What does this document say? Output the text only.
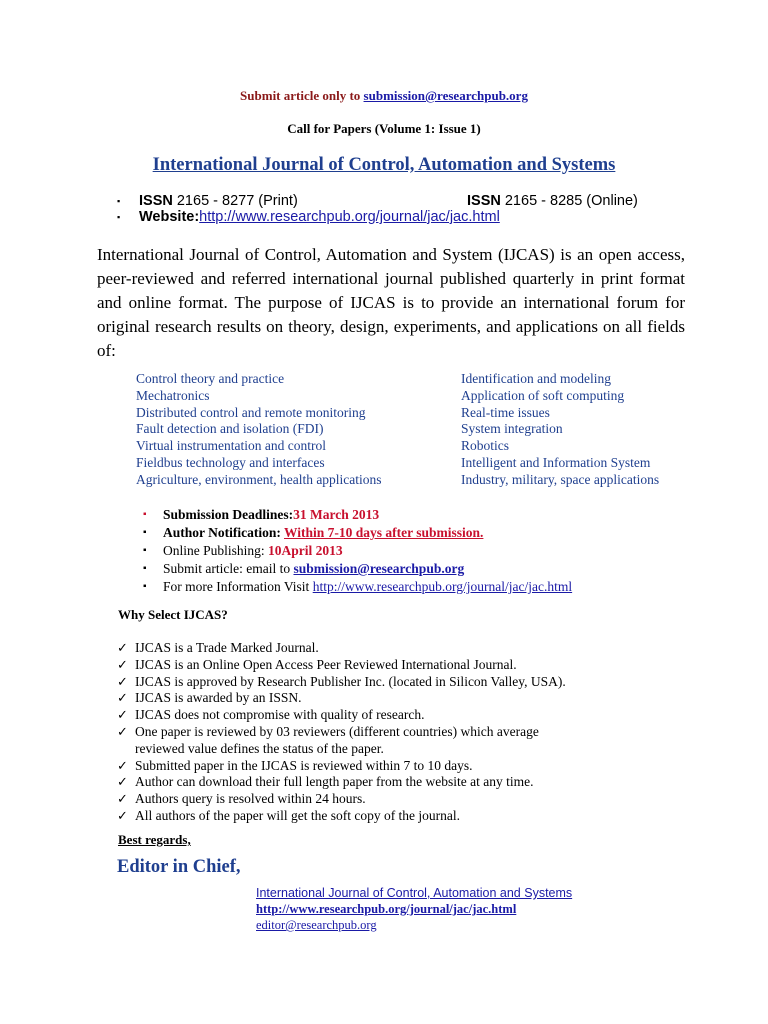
Submit article only to submission@researchpub.org
Call for Papers (Volume 1: Issue 1)
International Journal of Control, Automation and Systems
▪ ISSN 2165 - 8277 (Print)	ISSN 2165 - 8285 (Online)
▪ Website:http://www.researchpub.org/journal/jac/jac.html
International Journal of Control, Automation and System (IJCAS) is an open access, peer-reviewed and referred international journal published quarterly in print format and online format. The purpose of IJCAS is to provide an international forum for original research results on theory, design, experiments, and applications on all fields of:
Control theory and practice
Mechatronics
Distributed control and remote monitoring
Fault detection and isolation (FDI)
Virtual instrumentation and control
Fieldbus technology and interfaces
Agriculture, environment, health applications
Identification and modeling
Application of soft computing
Real-time issues
System integration
Robotics
Intelligent and Information System
Industry, military, space applications
▪ Submission Deadlines:31 March 2013
▪ Author Notification: Within 7-10 days after submission.
▪ Online Publishing: 10April 2013
▪ Submit article: email to submission@researchpub.org
▪ For more Information Visit http://www.researchpub.org/journal/jac/jac.html
Why Select IJCAS?
✓ IJCAS is a Trade Marked Journal.
✓ IJCAS is an Online Open Access Peer Reviewed International Journal.
✓ IJCAS is approved by Research Publisher Inc. (located in Silicon Valley, USA).
✓ IJCAS is awarded by an ISSN.
✓ IJCAS does not compromise with quality of research.
✓ One paper is reviewed by 03 reviewers (different countries) which average
reviewed value defines the status of the paper.
✓ Submitted paper in the IJCAS is reviewed within 7 to 10 days.
✓ Author can download their full length paper from the website at any time.
✓ Authors query is resolved within 24 hours.
✓ All authors of the paper will get the soft copy of the journal.
Best regards,
Editor in Chief,
International Journal of Control, Automation and Systems
http://www.researchpub.org/journal/jac/jac.html
editor@researchpub.org
